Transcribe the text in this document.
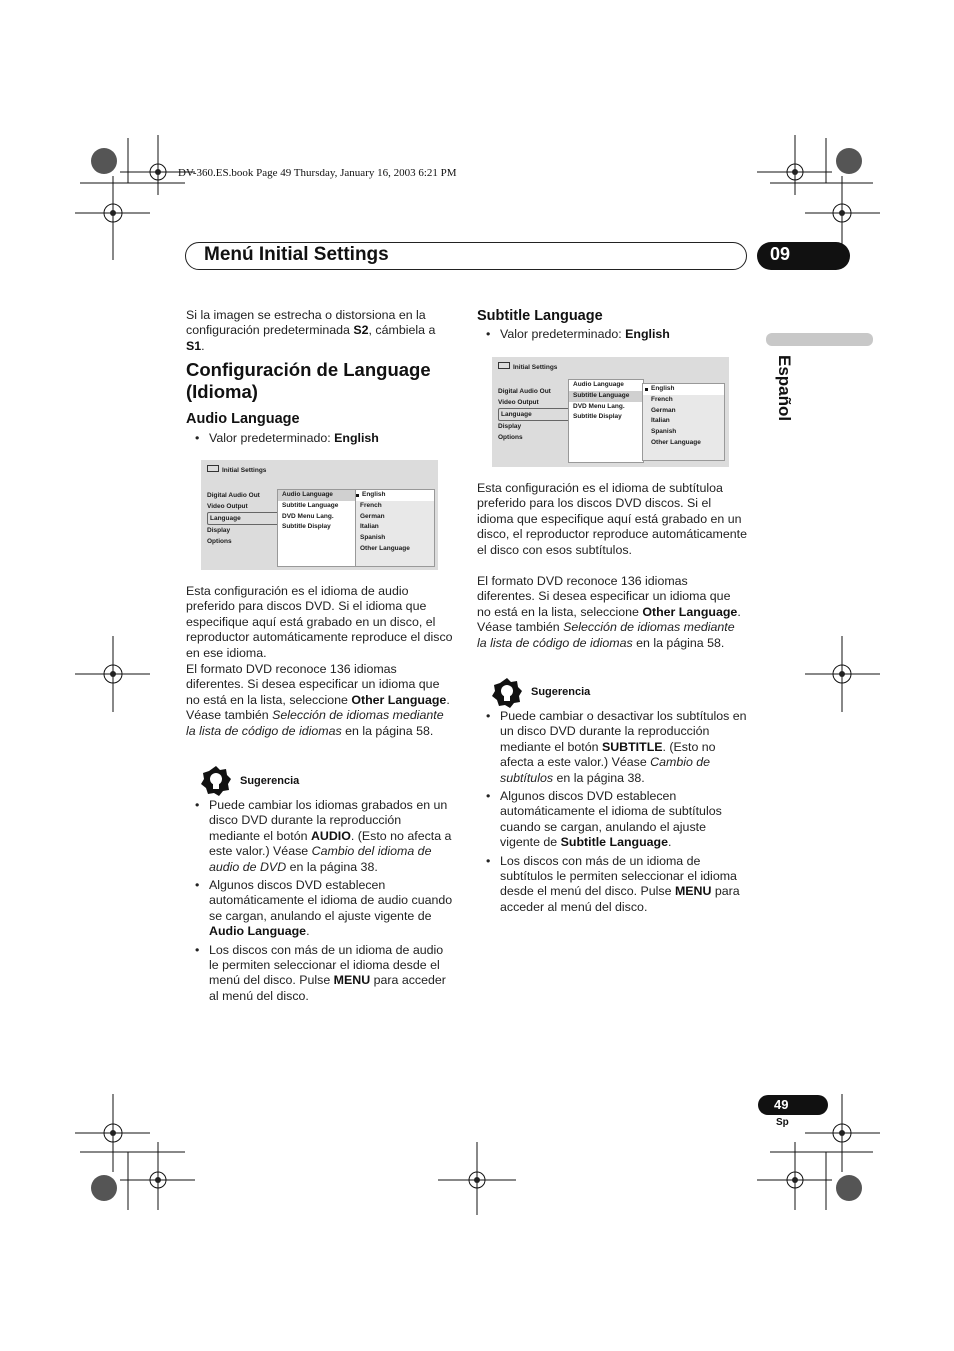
DV-360.ES.book Page 49 Thursday, January 16, 2003 6:21 PM
Menú Initial Settings	09
Español
Si la imagen se estrecha o distorsiona en la configuración predeterminada S2, cámbiela a S1.
Configuración de Language
(Idioma)
Audio Language
• Valor predeterminado: English
Initial Settings
Digital Audio Out
Video Output
Language
Display
Options
Audio Language
Subtitle Language
DVD Menu Lang.
Subtitle Display
English
French
German
Italian
Spanish
Other Language
Esta configuración es el idioma de audio preferido para discos DVD. Si el idioma que especifique aquí está grabado en un disco, el reproductor automáticamente reproduce el disco en ese idioma.
El formato DVD reconoce 136 idiomas diferentes. Si desea especificar un idioma que no está en la lista, seleccione Other Language. Véase también Selección de idiomas mediante la lista de código de idiomas en la página 58.
Sugerencia
• Puede cambiar los idiomas grabados en un disco DVD durante la reproducción mediante el botón AUDIO. (Esto no afecta a este valor.) Véase Cambio del idioma de audio de DVD en la página 38.
• Algunos discos DVD establecen automáticamente el idioma de audio cuando se cargan, anulando el ajuste vigente de Audio Language.
• Los discos con más de un idioma de audio le permiten seleccionar el idioma desde el menú del disco. Pulse MENU para acceder al menú del disco.
Subtitle Language
• Valor predeterminado: English
Initial Settings
Digital Audio Out
Video Output
Language
Display
Options
Audio Language
Subtitle Language
DVD Menu Lang.
Subtitle Display
English
French
German
Italian
Spanish
Other Language
Esta configuración es el idioma de subtítuloa preferido para los discos DVD discos. Si el idioma que especifique aquí está grabado en un disco, el reproductor reproduce automáticamente el disco con esos subtítulos.
El formato DVD reconoce 136 idiomas diferentes. Si desea especificar un idioma que no está en la lista, seleccione Other Language. Véase también Selección de idiomas mediante la lista de código de idiomas en la página 58.
Sugerencia
• Puede cambiar o desactivar los subtítulos en un disco DVD durante la reproducción mediante el botón SUBTITLE. (Esto no afecta a este valor.) Véase Cambio de subtítulos en la página 38.
• Algunos discos DVD establecen automáticamente el idioma de subtítulos cuando se cargan, anulando el ajuste vigente de Subtitle Language.
• Los discos con más de un idioma de subtítulos le permiten seleccionar el idioma desde el menú del disco. Pulse MENU para acceder al menú del disco.
49
Sp
